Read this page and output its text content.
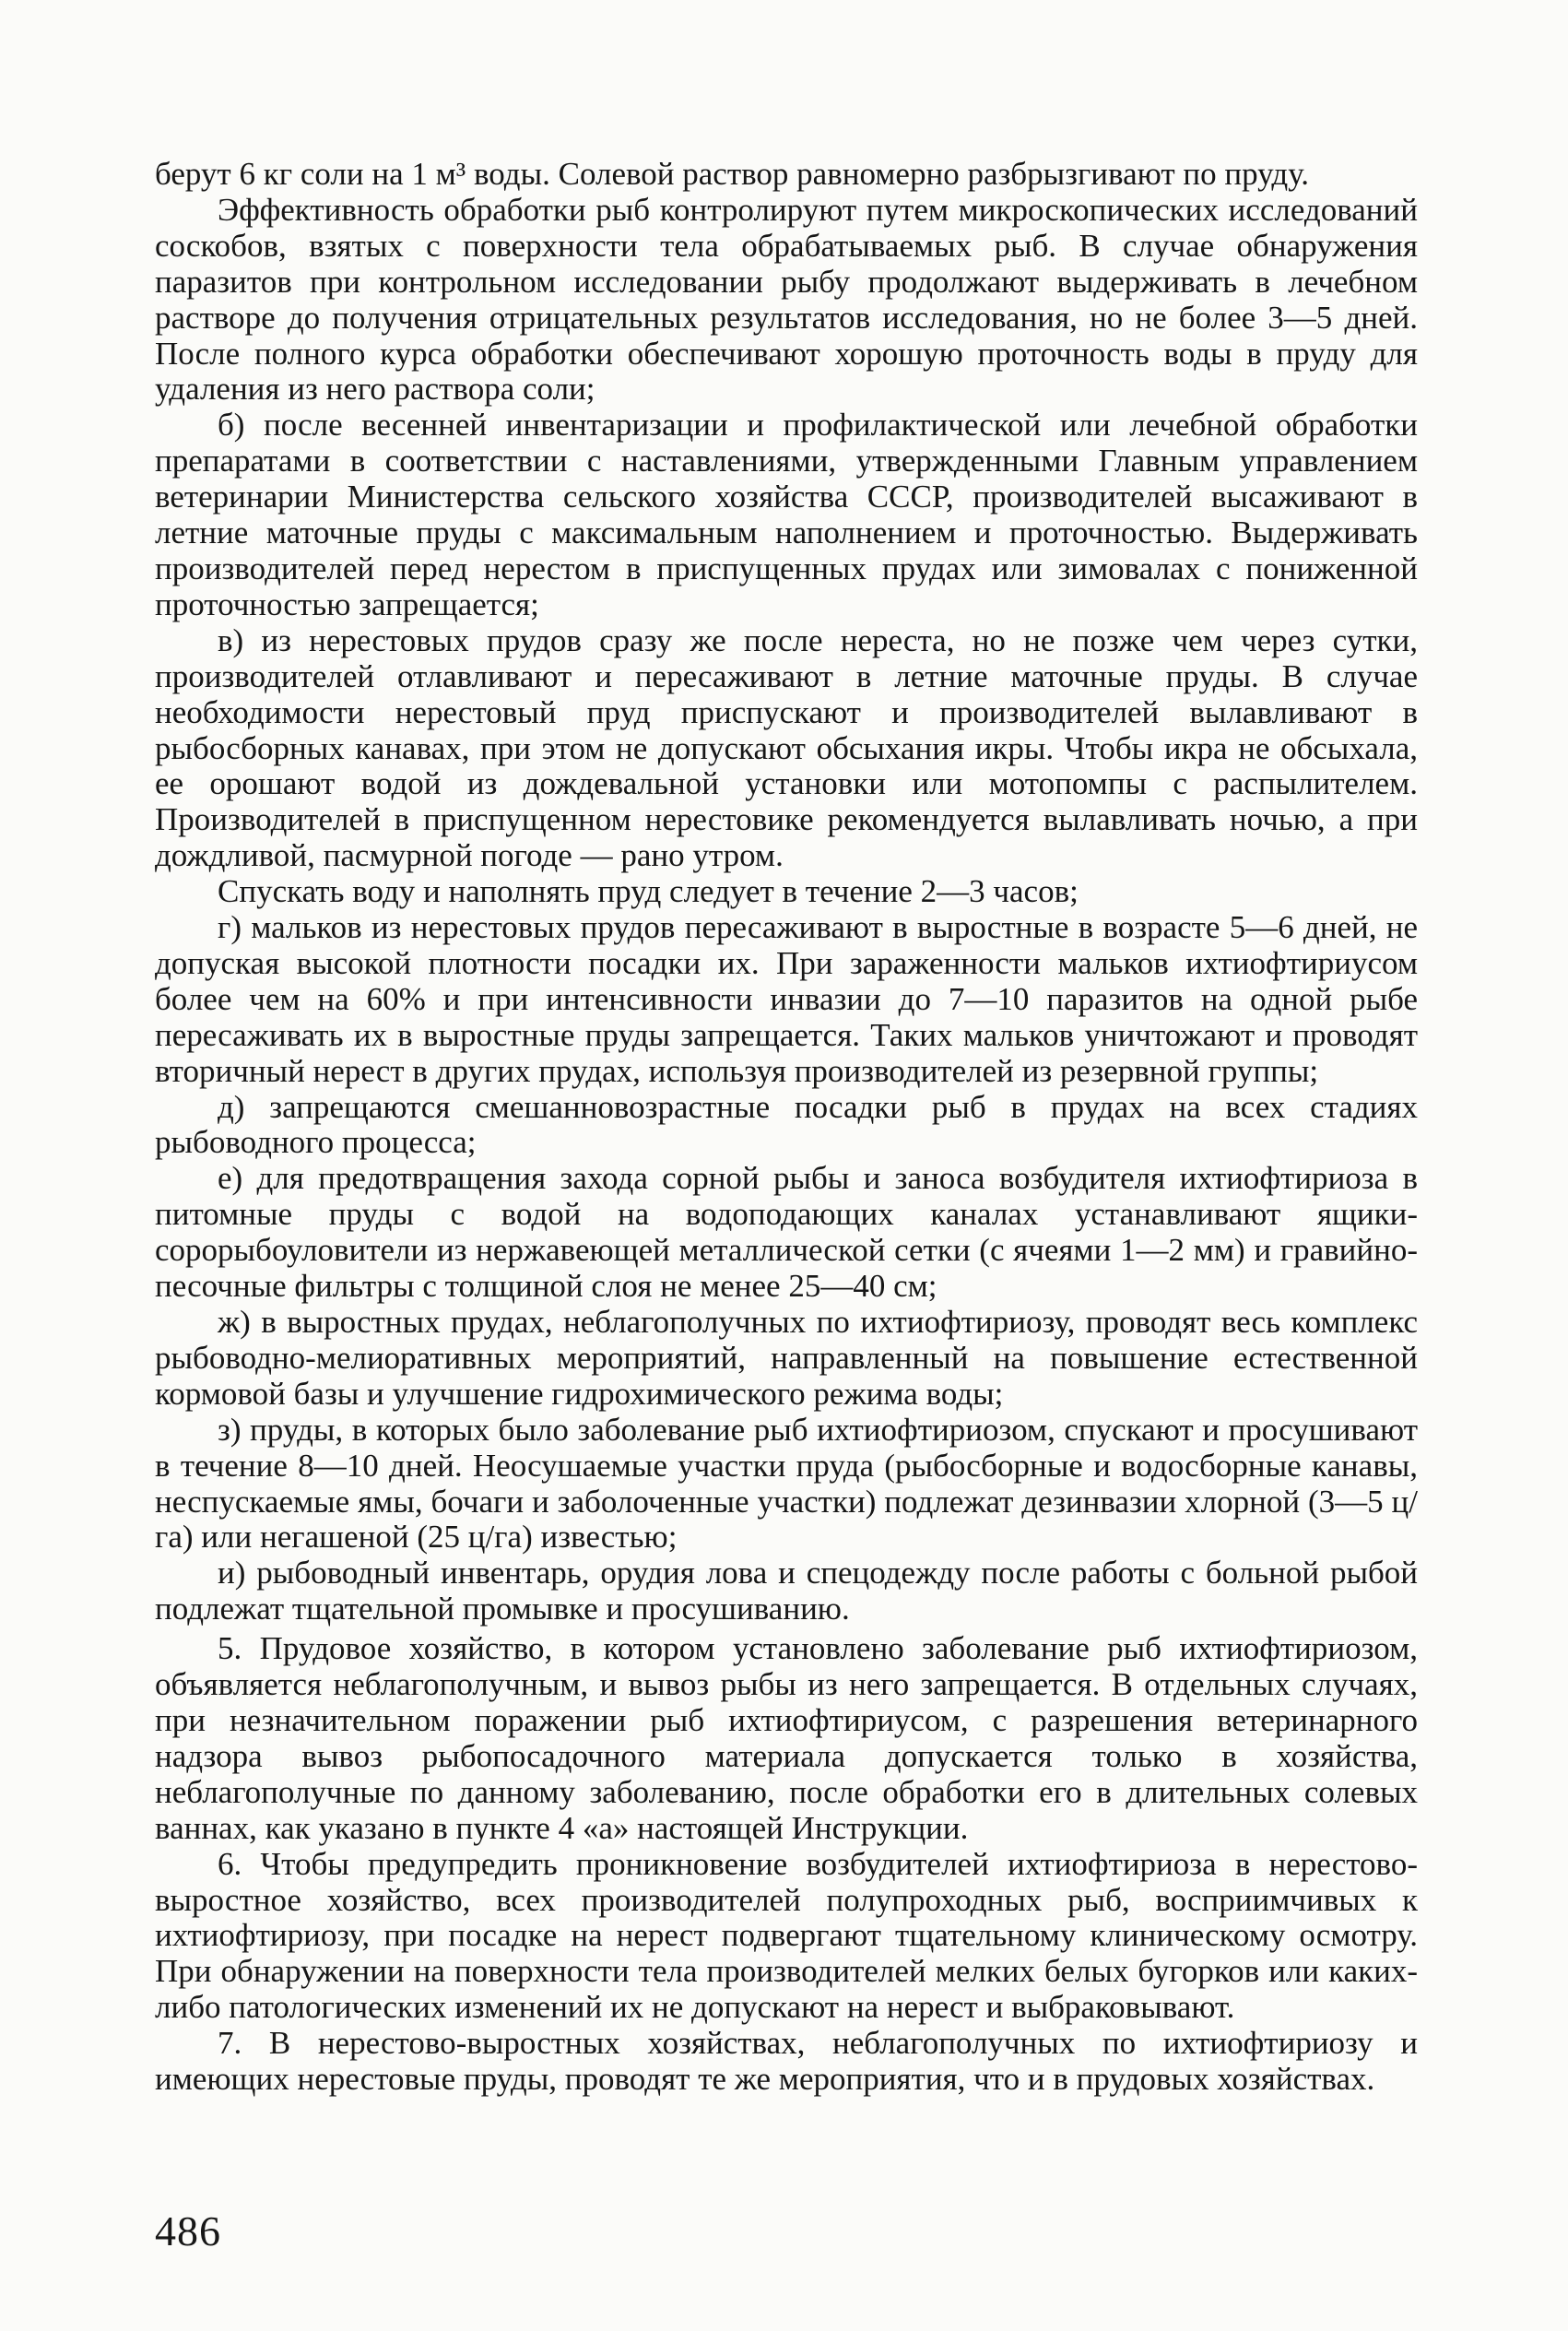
берут 6 кг соли на 1 м³ воды. Солевой раствор равномерно разбрызгивают по пруду.

Эффективность обработки рыб контролируют путем микроскопических исследований соскобов, взятых с поверхности тела обрабатываемых рыб. В случае обнаружения паразитов при контрольном исследовании рыбу продолжают выдерживать в лечебном растворе до получения отрицательных результатов исследования, но не более 3—5 дней. После полного курса обработки обеспечивают хорошую проточность воды в пруду для удаления из него раствора соли;

б) после весенней инвентаризации и профилактической или лечебной обработки препаратами в соответствии с наставлениями, утвержденными Главным управлением ветеринарии Министерства сельского хозяйства СССР, производителей высаживают в летние маточные пруды с максимальным наполнением и проточностью. Выдерживать производителей перед нерестом в приспущенных прудах или зимовалах с пониженной проточностью запрещается;

в) из нерестовых прудов сразу же после нереста, но не позже чем через сутки, производителей отлавливают и пересаживают в летние маточные пруды. В случае необходимости нерестовый пруд приспускают и производителей вылавливают в рыбосборных канавах, при этом не допускают обсыхания икры. Чтобы икра не обсыхала, ее орошают водой из дождевальной установки или мотопомпы с распылителем. Производителей в приспущенном нерестовике рекомендуется вылавливать ночью, а при дождливой, пасмурной погоде — рано утром.

Спускать воду и наполнять пруд следует в течение 2—3 часов;

г) мальков из нерестовых прудов пересаживают в выростные в возрасте 5—6 дней, не допуская высокой плотности посадки их. При зараженности мальков ихтиофтириусом более чем на 60% и при интенсивности инвазии до 7—10 паразитов на одной рыбе пересаживать их в выростные пруды запрещается. Таких мальков уничтожают и проводят вторичный нерест в других прудах, используя производителей из резервной группы;

д) запрещаются смешанновозрастные посадки рыб в прудах на всех стадиях рыбоводного процесса;

е) для предотвращения захода сорной рыбы и заноса возбудителя ихтиофтириоза в питомные пруды с водой на водоподающих каналах устанавливают ящики-сорорыбоуловители из нержавеющей металлической сетки (с ячеями 1—2 мм) и гравийно-песочные фильтры с толщиной слоя не менее 25—40 см;

ж) в выростных прудах, неблагополучных по ихтиофтириозу, проводят весь комплекс рыбоводно-мелиоративных мероприятий, направленный на повышение естественной кормовой базы и улучшение гидрохимического режима воды;

з) пруды, в которых было заболевание рыб ихтиофтириозом, спускают и просушивают в течение 8—10 дней. Неосушаемые участки пруда (рыбосборные и водосборные канавы, неспускаемые ямы, бочаги и заболоченные участки) подлежат дезинвазии хлорной (3—5 ц/га) или негашеной (25 ц/га) известью;

и) рыбоводный инвентарь, орудия лова и спецодежду после работы с больной рыбой подлежат тщательной промывке и просушиванию.

5. Прудовое хозяйство, в котором установлено заболевание рыб ихтиофтириозом, объявляется неблагополучным, и вывоз рыбы из него запрещается. В отдельных случаях, при незначительном поражении рыб ихтиофтириусом, с разрешения ветеринарного надзора вывоз рыбопосадочного материала допускается только в хозяйства, неблагополучные по данному заболеванию, после обработки его в длительных солевых ваннах, как указано в пункте 4 «а» настоящей Инструкции.

6. Чтобы предупредить проникновение возбудителей ихтиофтириоза в нерестово-выростное хозяйство, всех производителей полупроходных рыб, восприимчивых к ихтиофтириозу, при посадке на нерест подвергают тщательному клиническому осмотру. При обнаружении на поверхности тела производителей мелких белых бугорков или каких-либо патологических изменений их не допускают на нерест и выбраковывают.

7. В нерестово-выростных хозяйствах, неблагополучных по ихтиофтириозу и имеющих нерестовые пруды, проводят те же мероприятия, что и в прудовых хозяйствах.

486
